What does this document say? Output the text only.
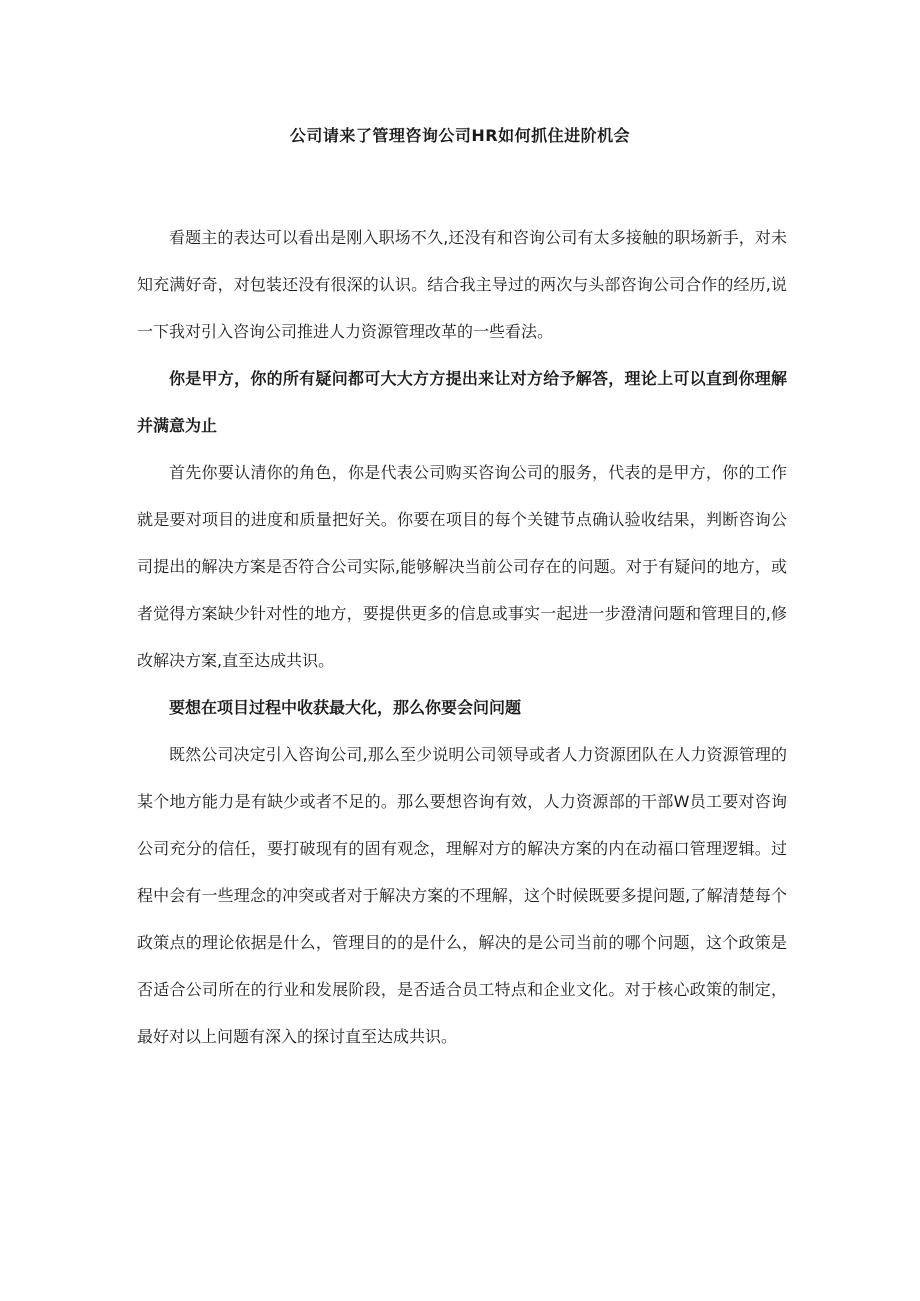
公司请来了管理咨询公司HR如何抓住进阶机会

看题主的表达可以看出是刚入职场不久,还没有和咨询公司有太多接触的职场新手，对未知充满好奇，对包装还没有很深的认识。结合我主导过的两次与头部咨询公司合作的经历,说一下我对引入咨询公司推进人力资源管理改革的一些看法。

你是甲方，你的所有疑问都可大大方方提出来让对方给予解答，理论上可以直到你理解并满意为止

首先你要认清你的角色，你是代表公司购买咨询公司的服务，代表的是甲方，你的工作就是要对项目的进度和质量把好关。你要在项目的每个关键节点确认验收结果，判断咨询公司提出的解决方案是否符合公司实际,能够解决当前公司存在的问题。对于有疑问的地方，或者觉得方案缺少针对性的地方，要提供更多的信息或事实一起进一步澄清问题和管理目的,修改解决方案,直至达成共识。

要想在项目过程中收获最大化，那么你要会问问题

既然公司决定引入咨询公司,那么至少说明公司领导或者人力资源团队在人力资源管理的某个地方能力是有缺少或者不足的。那么要想咨询有效，人力资源部的干部W员工要对咨询公司充分的信任，要打破现有的固有观念，理解对方的解决方案的内在动福口管理逻辑。过程中会有一些理念的冲突或者对于解决方案的不理解，这个时候既要多提问题,了解清楚每个政策点的理论依据是什么，管理目的的是什么，解决的是公司当前的哪个问题，这个政策是否适合公司所在的行业和发展阶段，是否适合员工特点和企业文化。对于核心政策的制定，最好对以上问题有深入的探讨直至达成共识。
